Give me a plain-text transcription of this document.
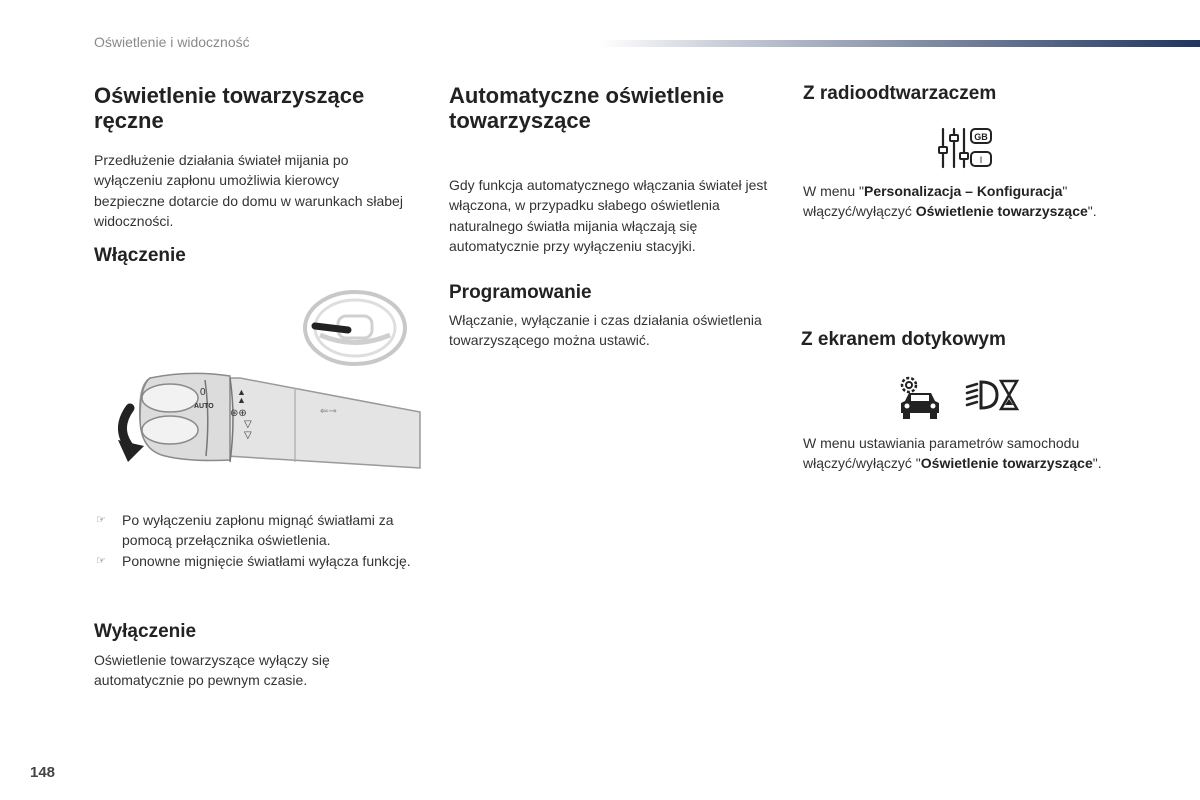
Oświetlenie i widoczność
Oświetlenie towarzyszące ręczne

Przedłużenie działania świateł mijania po wyłączeniu zapłonu umożliwia kierowcy bezpieczne dotarcie do domu w warunkach słabej widoczności.

Włączenie
0
AUTO
▲
▲
▽
▽
⊛⊕	⇐⊸
☞ Po wyłączeniu zapłonu mignąć światłami za pomocą przełącznika oświetlenia.
☞ Ponowne mignięcie światłami wyłącza funkcję.
Wyłączenie

Oświetlenie towarzyszące wyłączy się automatycznie po pewnym czasie.

Automatyczne oświetlenie towarzyszące

Gdy funkcja automatycznego włączania świateł jest włączona, w przypadku słabego oświetlenia naturalnego światła mijania włączają się automatycznie przy wyłączeniu stacyjki.

Programowanie

Włączanie, wyłączanie i czas działania oświetlenia towarzyszącego można ustawić.

Z radioodtwarzaczem
GB
I

W menu "Personalizacja – Konfiguracja" włączyć/wyłączyć Oświetlenie towarzyszące".

Z ekranem dotykowym

W menu ustawiania parametrów samochodu włączyć/wyłączyć "Oświetlenie towarzyszące".

148
